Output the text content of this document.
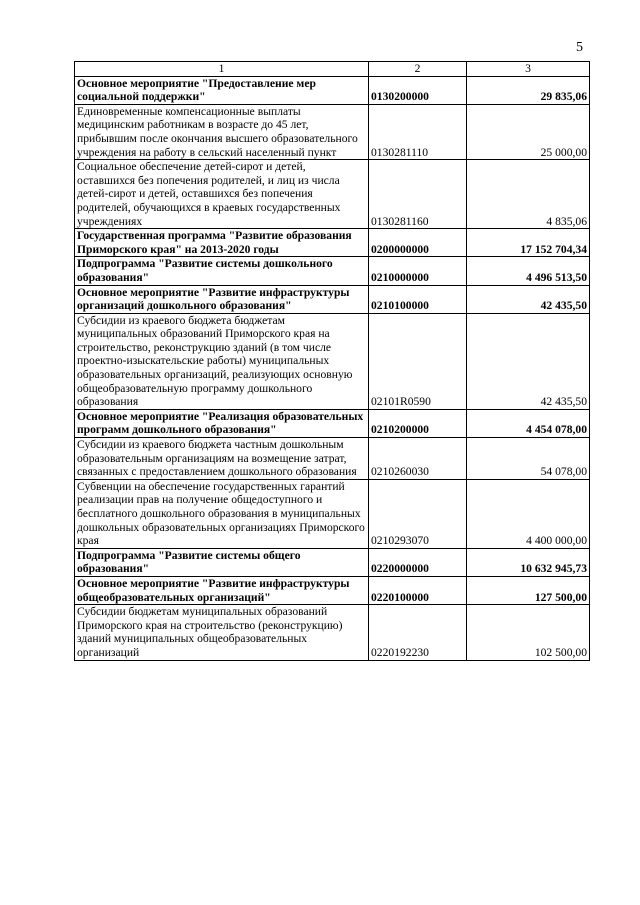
5
1	2	3
Основное мероприятие "Предоставление мер социальной поддержки"	0130200000	29 835,06
Единовременные компенсационные выплаты медицинским работникам в возрасте до 45 лет, прибывшим после окончания высшего образовательного учреждения на работу в сельский населенный пункт	0130281110	25 000,00
Социальное обеспечение детей-сирот и детей, оставшихся без попечения родителей, и лиц из числа детей-сирот и детей, оставшихся без попечения родителей, обучающихся в краевых государственных учреждениях	0130281160	4 835,06
Государственная программа "Развитие образования Приморского края" на 2013-2020 годы	0200000000	17 152 704,34
Подпрограмма "Развитие системы дошкольного образования"	0210000000	4 496 513,50
Основное мероприятие "Развитие инфраструктуры организаций дошкольного образования"	0210100000	42 435,50
Субсидии из краевого бюджета бюджетам муниципальных образований Приморского края на строительство, реконструкцию зданий (в том числе проектно-изыскательские работы) муниципальных образовательных организаций, реализующих основную общеобразовательную программу дошкольного образования	02101R0590	42 435,50
Основное мероприятие "Реализация образовательных программ дошкольного образования"	0210200000	4 454 078,00
Субсидии из краевого бюджета частным дошкольным образовательным организациям на возмещение затрат, связанных с предоставлением дошкольного образования	0210260030	54 078,00
Субвенции на обеспечение государственных гарантий реализации прав на получение общедоступного и бесплатного дошкольного образования в муниципальных дошкольных образовательных организациях Приморского края	0210293070	4 400 000,00
Подпрограмма "Развитие системы общего образования"	0220000000	10 632 945,73
Основное мероприятие "Развитие инфраструктуры общеобразовательных организаций"	0220100000	127 500,00
Субсидии бюджетам муниципальных образований Приморского края на строительство (реконструкцию) зданий муниципальных общеобразовательных организаций	0220192230	102 500,00
